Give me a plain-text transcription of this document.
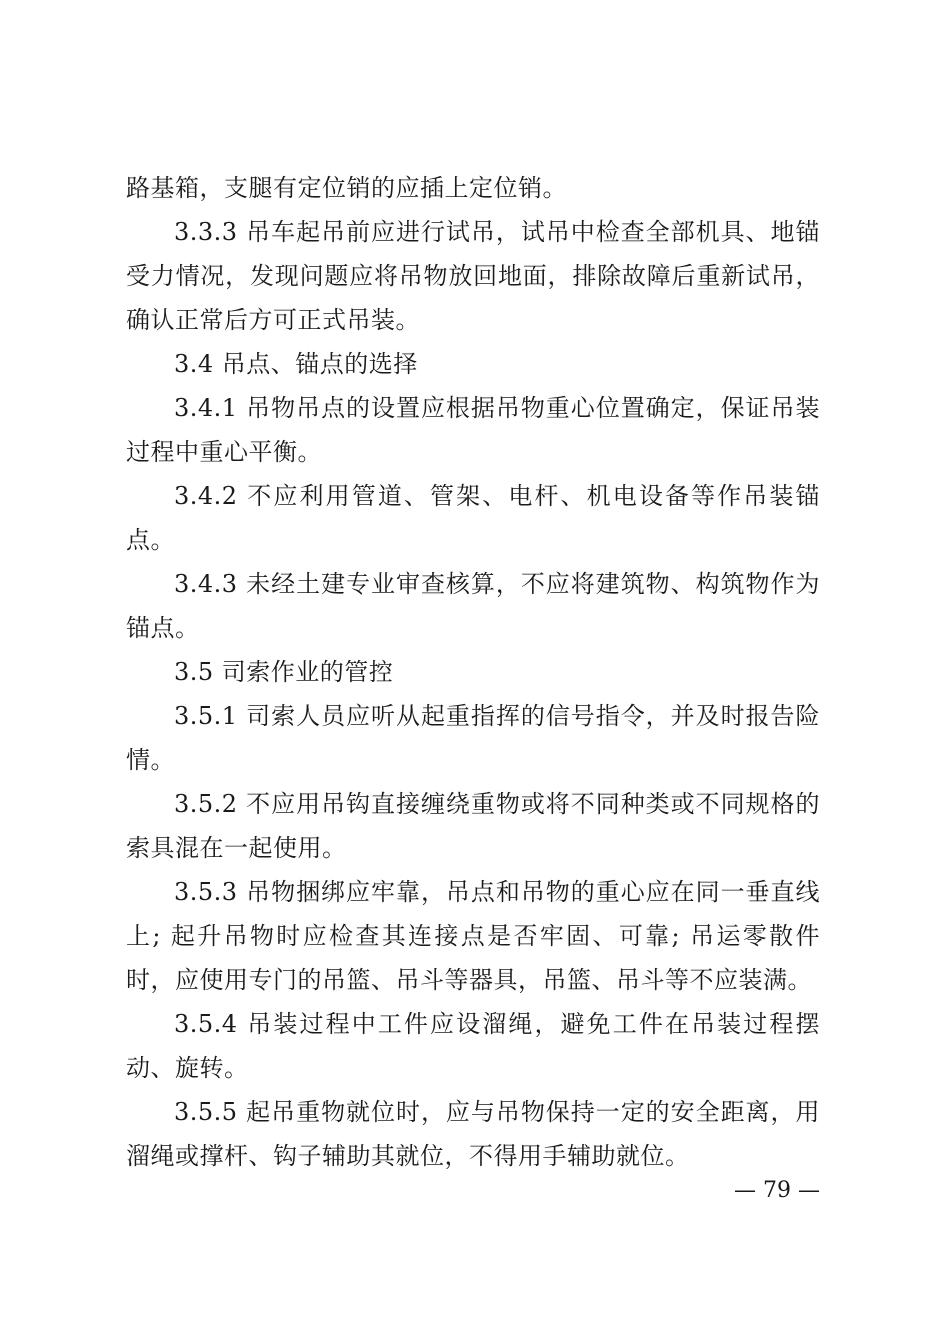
路基箱，支腿有定位销的应插上定位销。

3.3.3 吊车起吊前应进行试吊，试吊中检查全部机具、地锚受力情况，发现问题应将吊物放回地面，排除故障后重新试吊，确认正常后方可正式吊装。

3.4 吊点、锚点的选择

3.4.1 吊物吊点的设置应根据吊物重心位置确定，保证吊装过程中重心平衡。

3.4.2 不应利用管道、管架、电杆、机电设备等作吊装锚点。

3.4.3 未经土建专业审查核算，不应将建筑物、构筑物作为锚点。

3.5 司索作业的管控

3.5.1 司索人员应听从起重指挥的信号指令，并及时报告险情。

3.5.2 不应用吊钩直接缠绕重物或将不同种类或不同规格的索具混在一起使用。

3.5.3 吊物捆绑应牢靠，吊点和吊物的重心应在同一垂直线上; 起升吊物时应检查其连接点是否牢固、可靠; 吊运零散件时，应使用专门的吊篮、吊斗等器具，吊篮、吊斗等不应装满。

3.5.4 吊装过程中工件应设溜绳，避免工件在吊装过程摆动、旋转。

3.5.5 起吊重物就位时，应与吊物保持一定的安全距离，用溜绳或撑杆、钩子辅助其就位，不得用手辅助就位。

— 79 —
